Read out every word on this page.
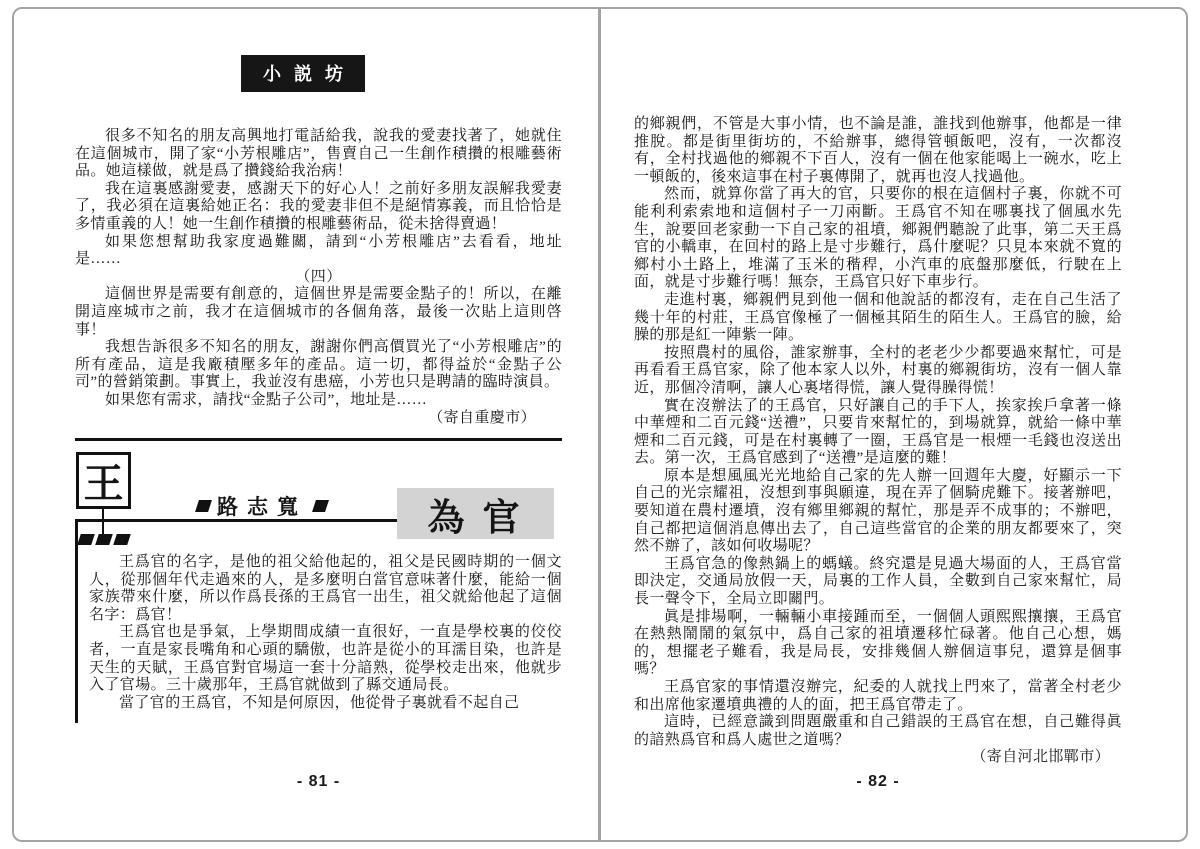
小説坊

很多不知名的朋友高興地打電話給我，說我的愛妻找著了，她就住在這個城市，開了家“小芳根雕店”，售賣自己一生創作積攢的根雕藝術品。她這樣做，就是爲了攢錢給我治病！

我在這裏感謝愛妻，感謝天下的好心人！之前好多朋友誤解我愛妻了，我必須在這裏給她正名：我的愛妻非但不是絕情寡義，而且恰恰是多情重義的人！她一生創作積攢的根雕藝術品，從未捨得賣過！

如果您想幫助我家度過難關，請到“小芳根雕店”去看看，地址是……

（四）

這個世界是需要有創意的，這個世界是需要金點子的！所以，在離開這座城市之前，我才在這個城市的各個角落，最後一次貼上這則啓事！

我想告訴很多不知名的朋友，謝謝你們高價買光了“小芳根雕店”的所有產品，這是我廠積壓多年的產品。這一切，都得益於“金點子公司”的營銷策劃。事實上，我並沒有患癌，小芳也只是聘請的臨時演員。

如果您有需求，請找“金點子公司”，地址是……

（寄自重慶市）

王
路志寬	為官

王爲官的名字，是他的祖父給他起的，祖父是民國時期的一個文人，從那個年代走過來的人，是多麼明白當官意味著什麼，能給一個家族帶來什麼，所以作爲長孫的王爲官一出生，祖父就給他起了這個名字：爲官！

王爲官也是爭氣，上學期間成績一直很好，一直是學校裏的佼佼者，一直是家長嘴角和心頭的驕傲，也許是從小的耳濡目染，也許是天生的天賦，王爲官對官場這一套十分諳熟，從學校走出來，他就步入了官場。三十歲那年，王爲官就做到了縣交通局長。

當了官的王爲官，不知是何原因，他從骨子裏就看不起自己

- 81 -

的鄉親們，不管是大事小情，也不論是誰，誰找到他辦事，他都是一律推脫。都是街里街坊的，不給辦事，總得管頓飯吧，沒有，一次都沒有，全村找過他的鄉親不下百人，沒有一個在他家能喝上一碗水，吃上一頓飯的，後來這事在村子裏傳開了，就再也沒人找過他。

然而，就算你當了再大的官，只要你的根在這個村子裏，你就不可能利利索索地和這個村子一刀兩斷。王爲官不知在哪裏找了個風水先生，說要回老家動一下自己家的祖墳，鄉親們聽說了此事，第二天王爲官的小轎車，在回村的路上是寸步難行，爲什麼呢？只見本來就不寬的鄉村小土路上，堆滿了玉米的稭稈，小汽車的底盤那麼低，行駛在上面，就是寸步難行嗎！無奈，王爲官只好下車步行。

走進村裏，鄉親們見到他一個和他說話的都沒有，走在自己生活了幾十年的村莊，王爲官像極了一個極其陌生的陌生人。王爲官的臉，給臊的那是紅一陣紫一陣。

按照農村的風俗，誰家辦事，全村的老老少少都要過來幫忙，可是再看看王爲官家，除了他本家人以外，村裏的鄉親街坊，沒有一個人靠近，那個冷清啊，讓人心裏堵得慌，讓人覺得臊得慌！

實在沒辦法了的王爲官，只好讓自己的手下人，挨家挨戶拿著一條中華煙和二百元錢“送禮”，只要肯來幫忙的，到場就算，就給一條中華煙和二百元錢，可是在村裏轉了一圈，王爲官是一根煙一毛錢也沒送出去。第一次，王爲官感到了“送禮”是這麼的難！

原本是想風風光光地給自己家的先人辦一回週年大慶，好顯示一下自己的光宗耀祖，沒想到事與願違，現在弄了個騎虎難下。接著辦吧，要知道在農村遷墳，沒有鄉里鄉親的幫忙，那是弄不成事的；不辦吧，自己都把這個消息傳出去了，自己這些當官的企業的朋友都要來了，突然不辦了，該如何收場呢？

王爲官急的像熱鍋上的螞蟻。終究還是見過大場面的人，王爲官當即決定，交通局放假一天，局裏的工作人員，全數到自己家來幫忙，局長一聲令下，全局立即關門。

眞是排場啊，一輛輛小車接踵而至，一個個人頭熙熙攘攘，王爲官在熱熱鬧鬧的氣氛中，爲自己家的祖墳遷移忙碌著。他自己心想，媽的，想擺老子難看，我是局長，安排幾個人辦個這事兒，還算是個事嗎？

王爲官家的事情還沒辦完，紀委的人就找上門來了，當著全村老少和出席他家遷墳典禮的人的面，把王爲官帶走了。

這時，已經意識到問題嚴重和自己錯誤的王爲官在想，自己難得眞的諳熟爲官和爲人處世之道嗎？

（寄自河北邯鄲市）

- 82 -
